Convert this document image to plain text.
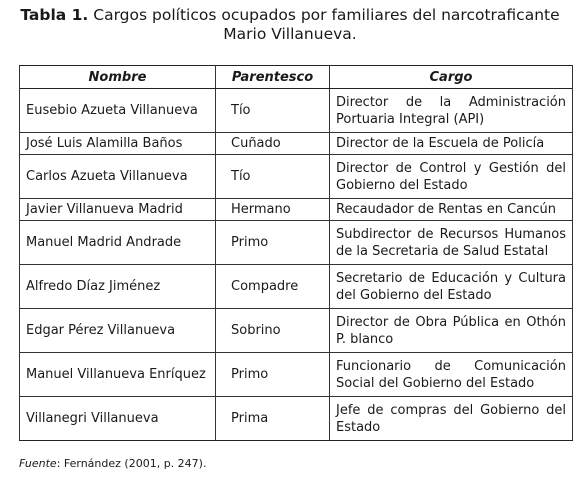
Tabla 1. Cargos políticos ocupados por familiares del narcotraficante
Mario Villanueva.
Nombre	Parentesco	Cargo
Eusebio Azueta Villanueva	Tío	Director de la Administración Portuaria Integral (API)
José Luis Alamilla Baños	Cuñado	Director de la Escuela de Policía
Carlos Azueta Villanueva	Tío	Director de Control y Gestión del Gobierno del Estado
Javier Villanueva Madrid	Hermano	Recaudador de Rentas en Cancún
Manuel Madrid Andrade	Primo	Subdirector de Recursos Humanos de la Secretaria de Salud Estatal
Alfredo Díaz Jiménez	Compadre	Secretario de Educación y Cultura del Gobierno del Estado
Edgar Pérez Villanueva	Sobrino	Director de Obra Pública en Othón P. blanco
Manuel Villanueva Enríquez	Primo	Funcionario de Comunicación Social del Gobierno del Estado
Villanegri Villanueva	Prima	Jefe de compras del Gobierno del Estado
Fuente: Fernández (2001, p. 247).
